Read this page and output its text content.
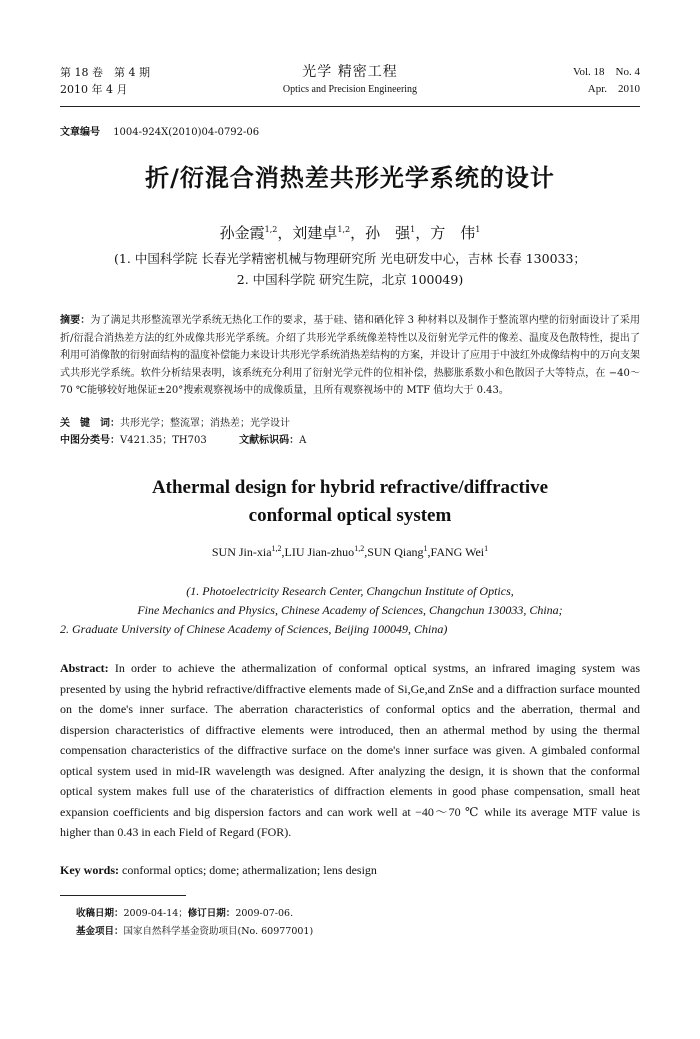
第 18 卷　第 4 期
2010 年 4 月
光学 精密工程
Optics and Precision Engineering
Vol. 18　No. 4
Apr.　2010
文章编号 1004-924X(2010)04-0792-06
折/衍混合消热差共形光学系统的设计
孙金霞$^{1,2}$，刘建卓$^{1,2}$，孙　强$^1$，方　伟$^1$
(1. 中国科学院 长春光学精密机械与物理研究所 光电研发中心，吉林 长春 130033；
2. 中国科学院 研究生院，北京 100049)
摘要：为了满足共形整流罩光学系统无热化工作的要求，基于硅、锗和硒化锌 3 种材料以及制作于整流罩内壁的衍射面设计了采用折/衍混合消热差方法的红外成像共形光学系统。介绍了共形光学系统像差特性以及衍射光学元件的像差、温度及色散特性，提出了利用可消像散的衍射面结构的温度补偿能力来设计共形光学系统消热差结构的方案，并设计了应用于中波红外成像结构中的万向支架式共形光学系统。软件分析结果表明，该系统充分利用了衍射光学元件的位相补偿，热膨胀系数小和色散因子大等特点，在 −40～70 ℃能够较好地保证±20°搜索观察视场中的成像质量，且所有观察视场中的 MTF 值均大于 0.43。
关　键　词：共形光学；整流罩；消热差；光学设计
中图分类号：V421.35；TH703	文献标识码：A
Athermal design for hybrid refractive/diffractive
conformal optical system
SUN Jin-xia$^{1,2}$,LIU Jian-zhuo$^{1,2}$,SUN Qiang$^1$,FANG Wei$^1$
(1. Photoelectricity Research Center, Changchun Institute of Optics,
Fine Mechanics and Physics, Chinese Academy of Sciences, Changchun 130033, China;
2. Graduate University of Chinese Academy of Sciences, Beijing 100049, China)
Abstract: In order to achieve the athermalization of conformal optical systms, an infrared imaging system was presented by using the hybrid refractive/diffractive elements made of Si,Ge,and ZnSe and a diffraction surface mounted on the dome's inner surface. The aberration characteristics of conformal optics and the aberration, thermal and dispersion characteristics of diffractive elements were introduced, then an athermal method by using the thermal compensation characteristics of the diffractive surface on the dome's inner surface was given. A gimbaled conformal optical system used in mid-IR wavelength was designed. After analyzing the design, it is shown that the conformal optical system makes full use of the charateristics of diffraction elements in good phase compensation, small heat expansion coefficients and big dispersion factors and can work well at −40～70 ℃ while its average MTF value is higher than 0.43 in each Field of Regard (FOR).
Key words: conformal optics; dome; athermalization; lens design
收稿日期：2009-04-14；修订日期：2009-07-06.
基金项目：国家自然科学基金资助项目(No. 60977001)
